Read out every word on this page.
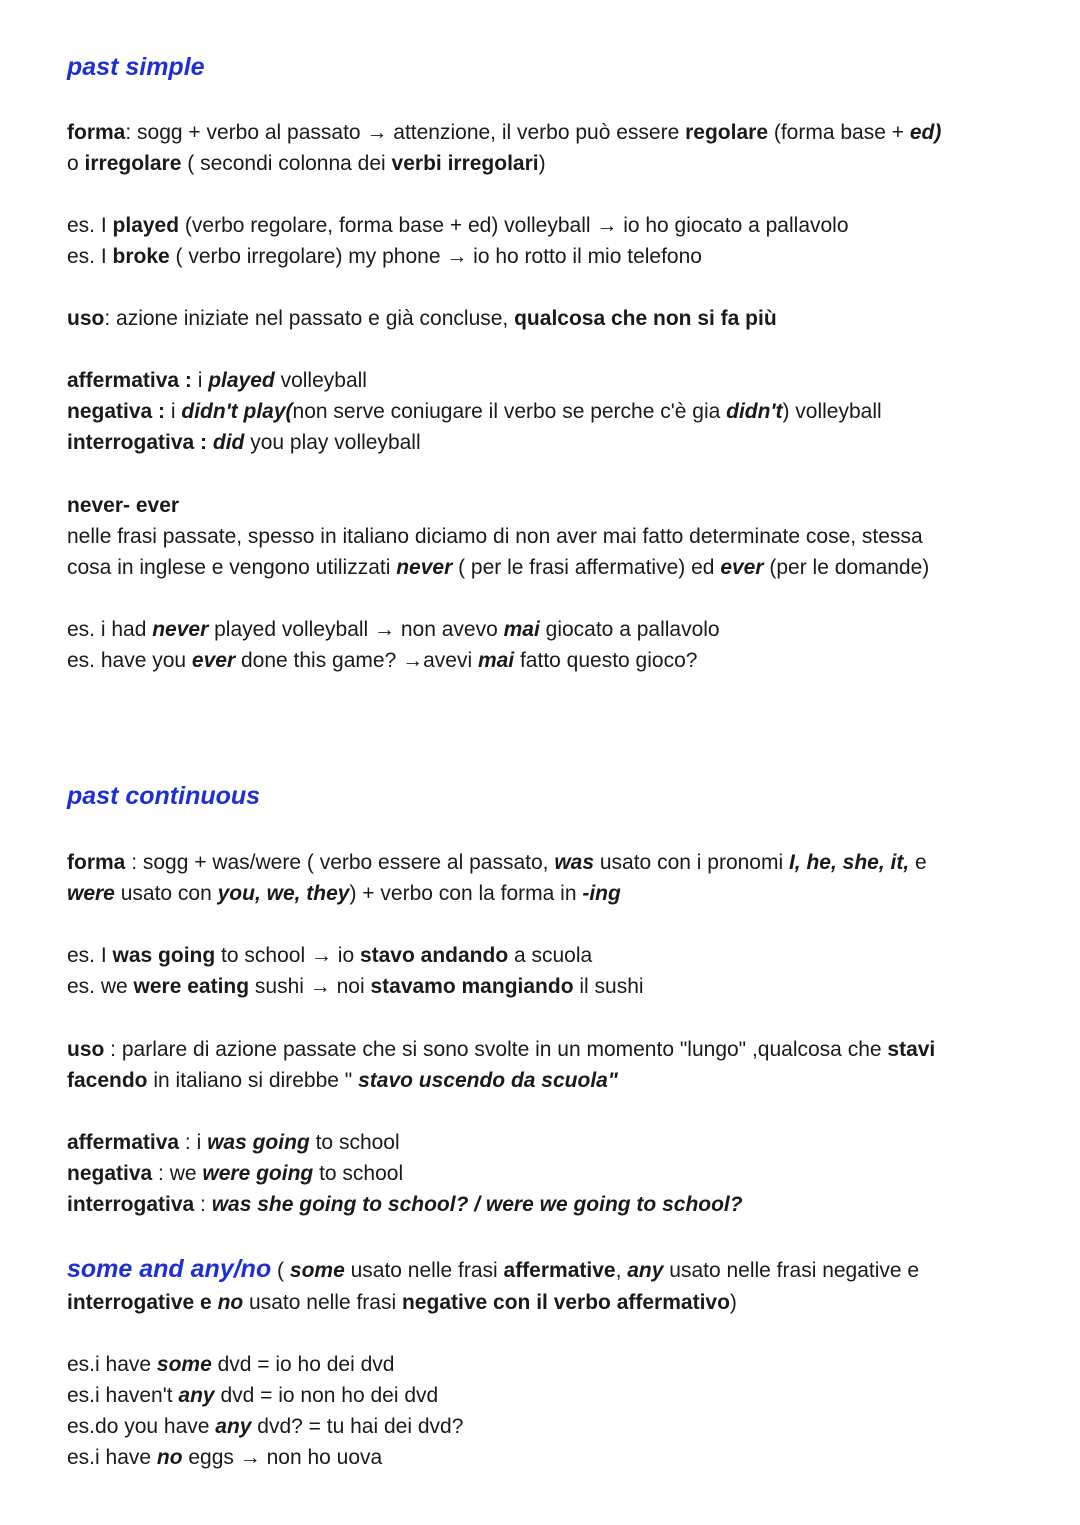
past simple
forma: sogg + verbo al passato → attenzione, il verbo può essere regolare (forma base + ed)
o irregolare ( secondi colonna dei verbi irregolari)
es. I played (verbo regolare, forma base + ed) volleyball → io ho giocato a pallavolo
es. I broke ( verbo irregolare) my phone → io ho rotto il mio telefono
uso: azione iniziate nel passato e già concluse, qualcosa che non si fa più
affermativa : i played volleyball
negativa : i didn't play(non serve coniugare il verbo se perche c'è gia didn't) volleyball
interrogativa : did you play volleyball
never- ever
nelle frasi passate, spesso in italiano diciamo di non aver mai fatto determinate cose, stessa
cosa in inglese e vengono utilizzati never ( per le frasi affermative) ed ever (per le domande)
es. i had never played volleyball → non avevo mai giocato a pallavolo
es. have you ever done this game? →avevi mai fatto questo gioco?
past continuous
forma : sogg + was/were ( verbo essere al passato, was usato con i pronomi I, he, she, it, e
were usato con you, we, they) + verbo con la forma in -ing
es. I was going to school → io stavo andando a scuola
es. we were eating sushi → noi stavamo mangiando il sushi
uso : parlare di azione passate che si sono svolte in un momento "lungo" ,qualcosa che stavi
facendo in italiano si direbbe " stavo uscendo da scuola"
affermativa : i was going to school
negativa : we were going to school
interrogativa : was she going to school? / were we going to school?
some and any/no ( some usato nelle frasi affermative, any usato nelle frasi negative e
interrogative e no usato nelle frasi negative con il verbo affermativo)
es.i have some dvd = io ho dei dvd
es.i haven't any dvd = io non ho dei dvd
es.do you have any dvd? = tu hai dei dvd?
es.i have no eggs → non ho uova
